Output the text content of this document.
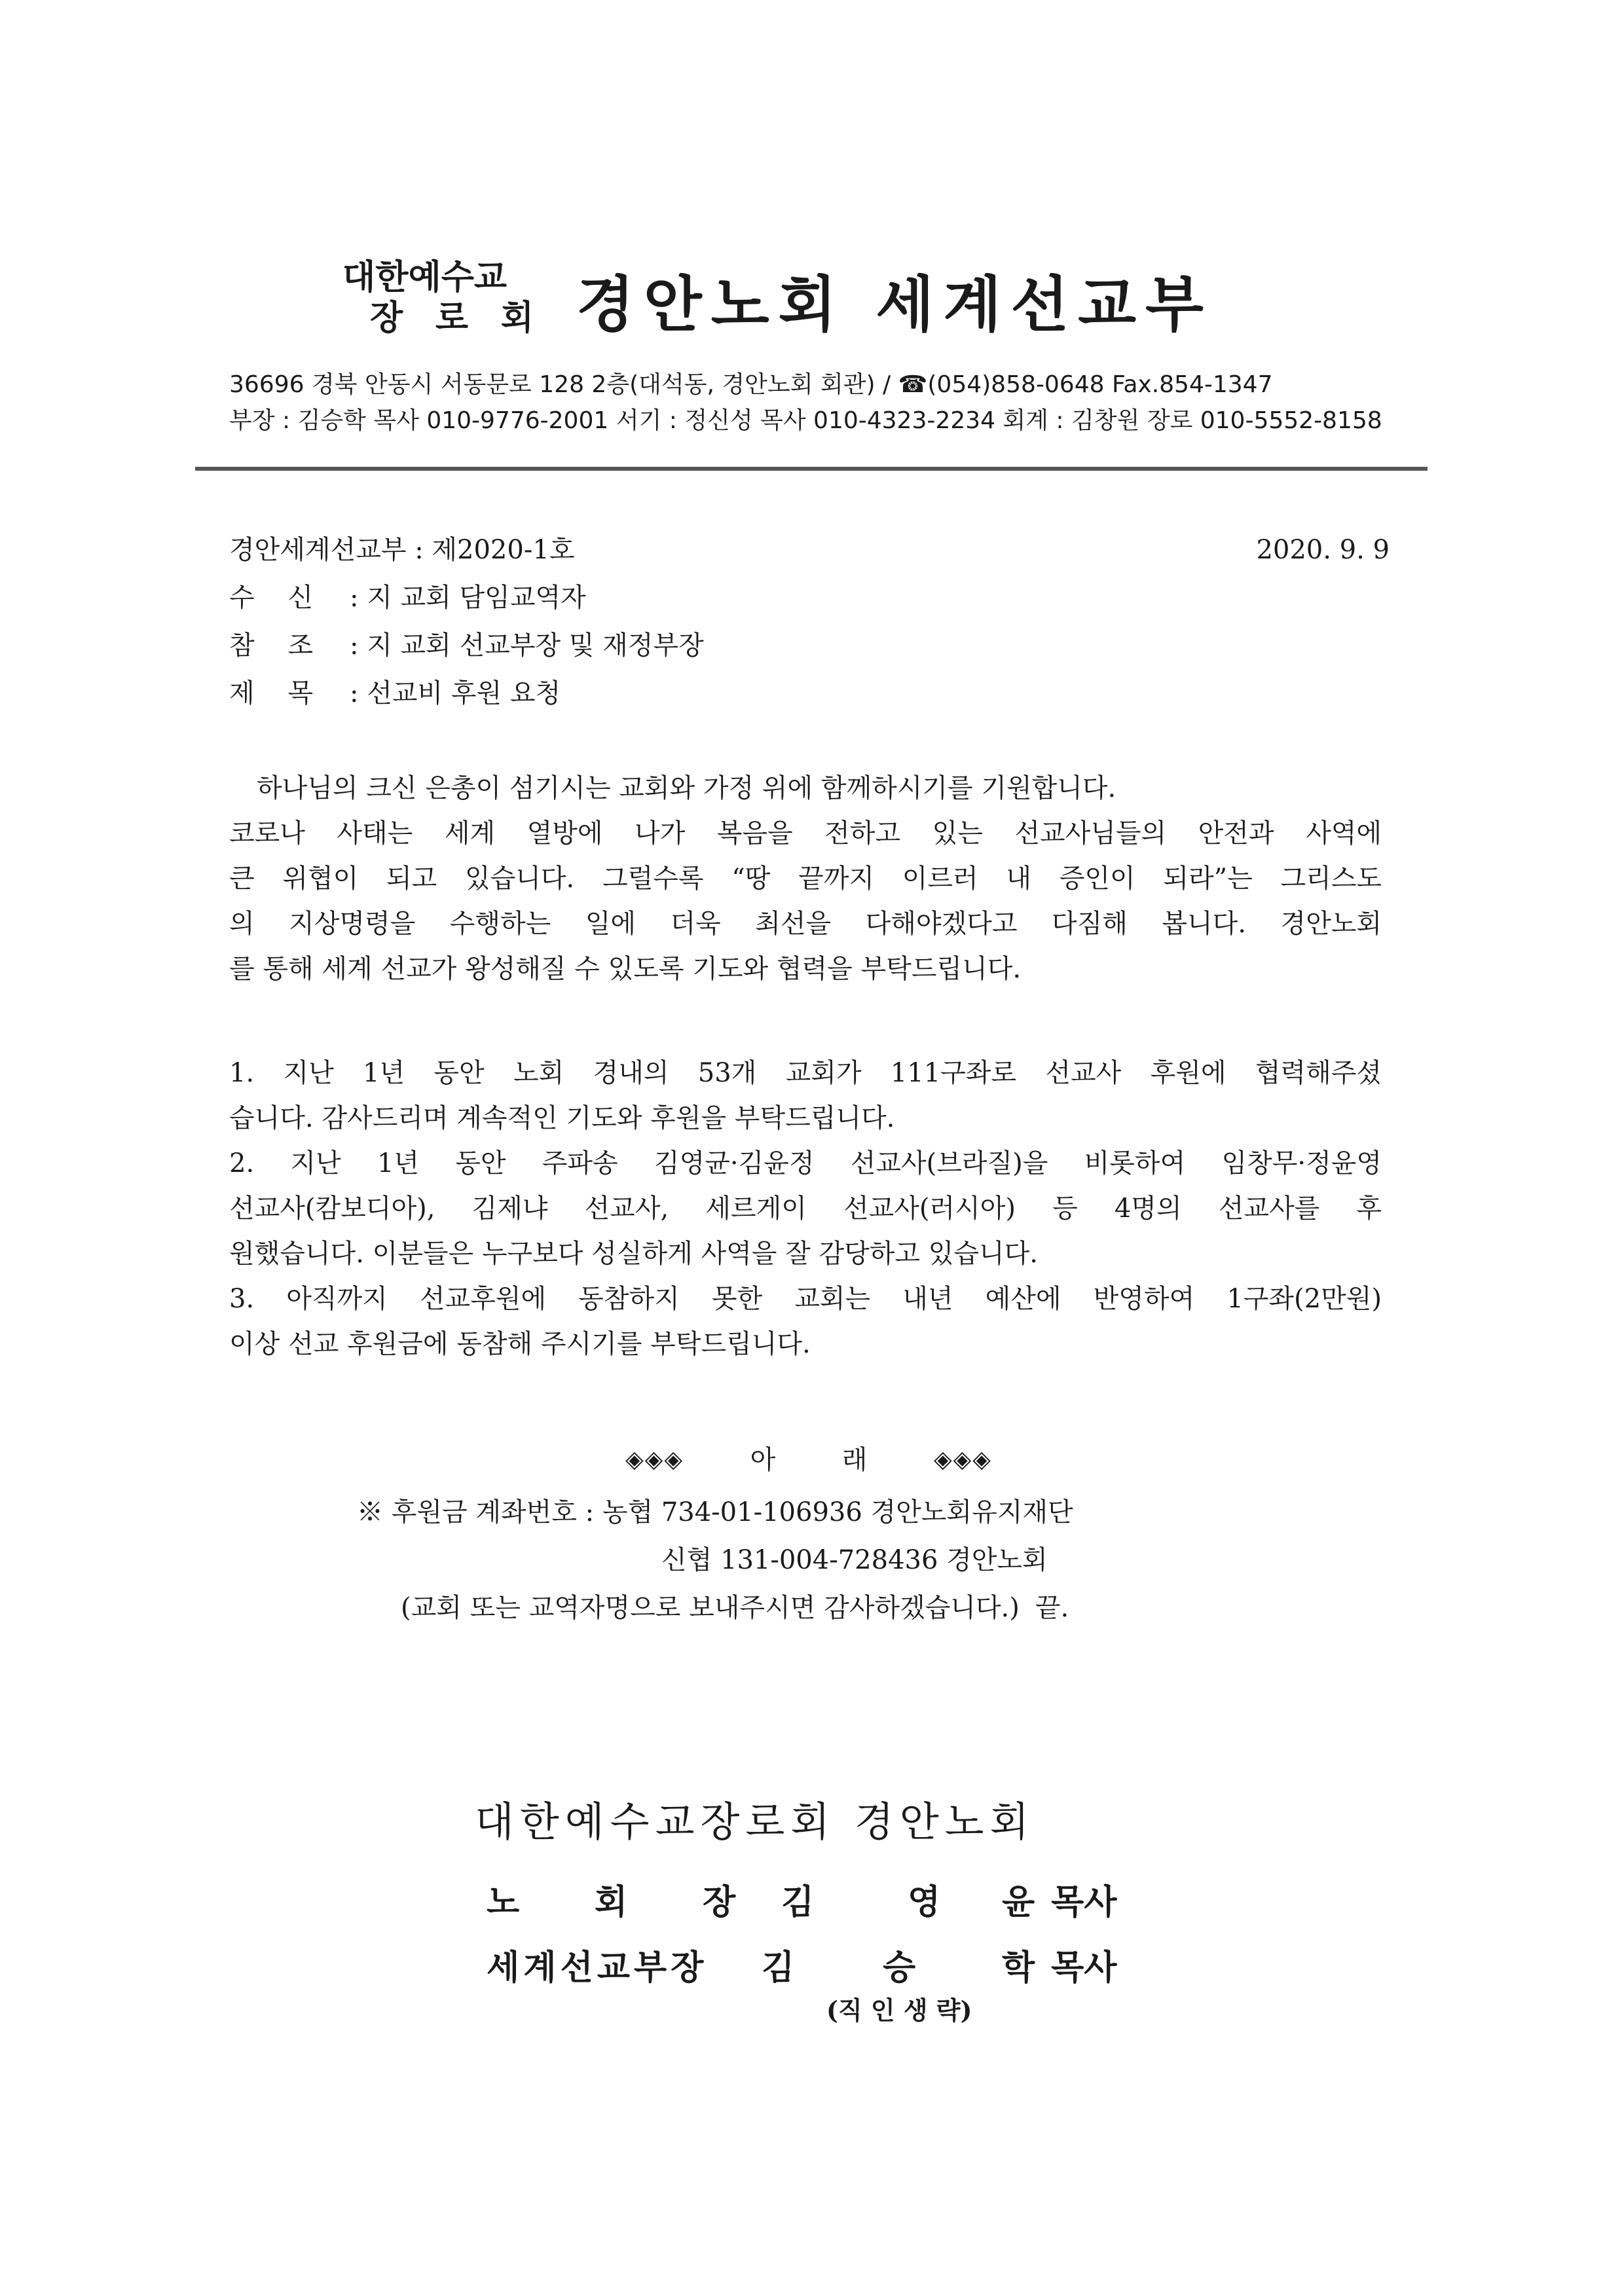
대한예수교
장 로 회 경안노회 세계선교부
36696 경북 안동시 서동문로 128 2층(대석동, 경안노회 회관) / ☎(054)858-0648 Fax.854-1347
부장 : 김승학 목사 010-9776-2001 서기 : 정신성 목사 010-4323-2234 회계 : 김창원 장로 010-5552-8158
경안세계선교부 : 제2020-1호	2020. 9. 9
수    신 : 지 교회 담임교역자
참    조 : 지 교회 선교부장 및 재정부장
제    목 : 선교비 후원 요청
하나님의 크신 은총이 섬기시는 교회와 가정 위에 함께하시기를 기원합니다.
코로나 사태는 세계 열방에 나가 복음을 전하고 있는 선교사님들의 안전과 사역에
큰 위협이 되고 있습니다. 그럴수록 “땅 끝까지 이르러 내 증인이 되라”는 그리스도
의 지상명령을 수행하는 일에 더욱 최선을 다해야겠다고 다짐해 봅니다. 경안노회
를 통해 세계 선교가 왕성해질 수 있도록 기도와 협력을 부탁드립니다.
1. 지난 1년 동안 노회 경내의 53개 교회가 111구좌로 선교사 후원에 협력해주셨
습니다. 감사드리며 계속적인 기도와 후원을 부탁드립니다.
2. 지난 1년 동안 주파송 김영균·김윤정 선교사(브라질)을 비롯하여 임창무·정윤영
선교사(캄보디아), 김제냐 선교사, 세르게이 선교사(러시아) 등 4명의 선교사를 후
원했습니다. 이분들은 누구보다 성실하게 사역을 잘 감당하고 있습니다.
3. 아직까지 선교후원에 동참하지 못한 교회는 내년 예산에 반영하여 1구좌(2만원)
이상 선교 후원금에 동참해 주시기를 부탁드립니다.
◈◈◈	아	래	◈◈◈
※ 후원금 계좌번호 : 농협 734-01-106936 경안노회유지재단
신협 131-004-728436 경안노회
(교회 또는 교역자명으로 보내주시면 감사하겠습니다.) 끝.
대한예수교장로회 경안노회
노 회 장 김	영 윤 목사
세계선교부장 김	승	학 목사
(직 인 생 략)
